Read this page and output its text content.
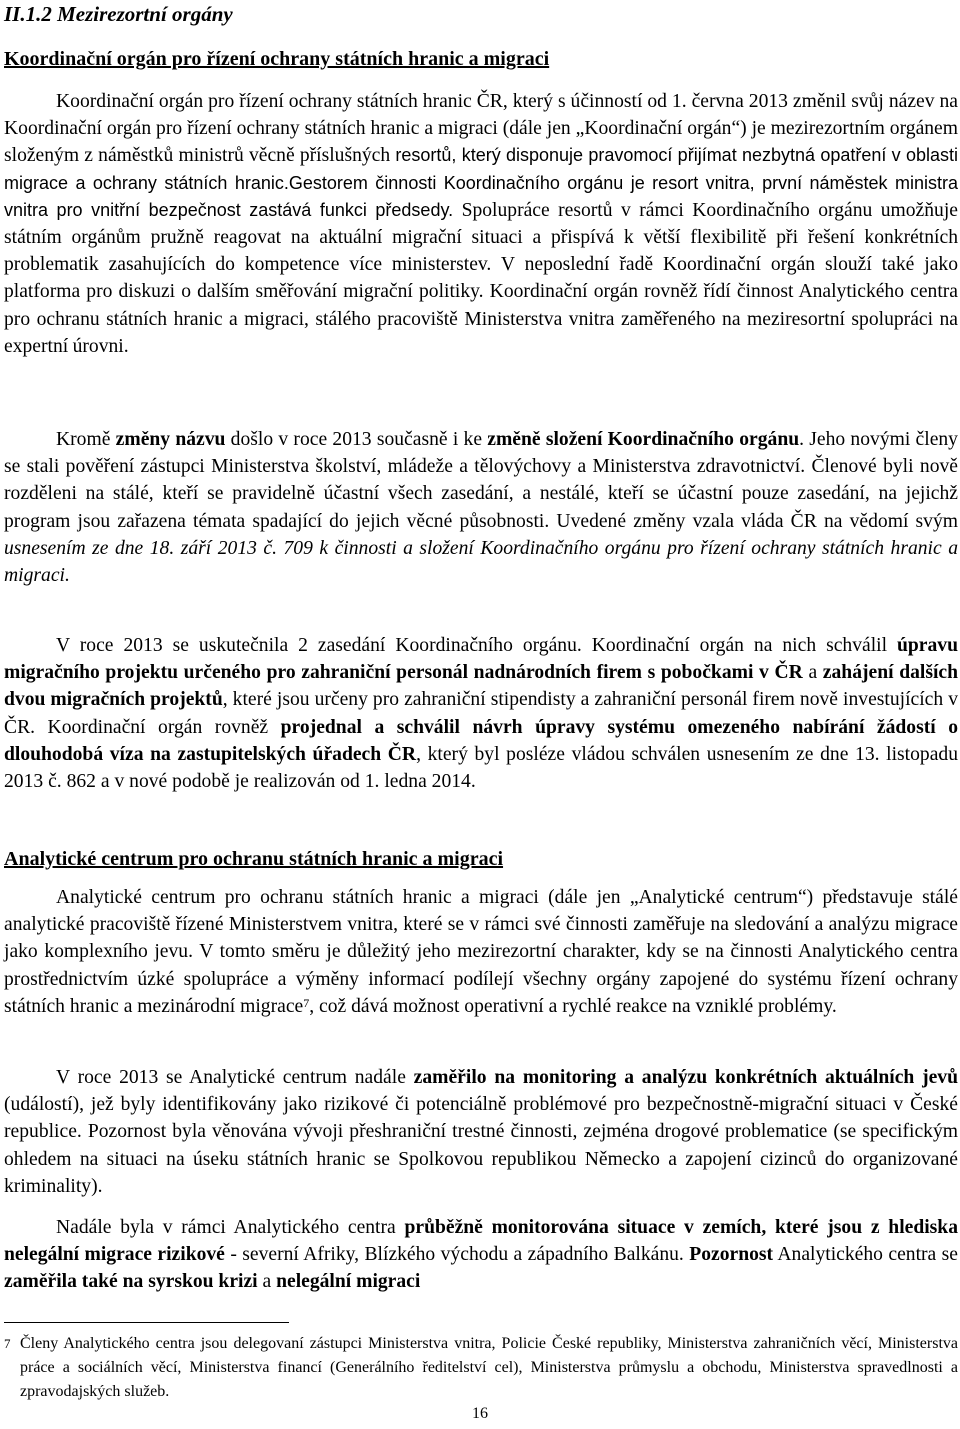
II.1.2 Mezirezortní orgány
Koordinační orgán pro řízení ochrany státních hranic a migraci

Koordinační orgán pro řízení ochrany státních hranic ČR, který s účinností od 1. června 2013 změnil svůj název na Koordinační orgán pro řízení ochrany státních hranic a migraci (dále jen „Koordinační orgán“) je mezirezortním orgánem složeným z náměstků ministrů věcně příslušných resortů, který disponuje pravomocí přijímat nezbytná opatření v oblasti migrace a ochrany státních hranic.Gestorem činnosti Koordinačního orgánu je resort vnitra, první náměstek ministra vnitra pro vnitřní bezpečnost zastává funkci předsedy. Spolupráce resortů v rámci Koordinačního orgánu umožňuje státním orgánům pružně reagovat na aktuální migrační situaci a přispívá k větší flexibilitě při řešení konkrétních problematik zasahujících do kompetence více ministerstev. V neposlední řadě Koordinační orgán slouží také jako platforma pro diskuzi o dalším směřování migrační politiky. Koordinační orgán rovněž řídí činnost Analytického centra pro ochranu státních hranic a migraci, stálého pracoviště Ministerstva vnitra zaměřeného na meziresortní spolupráci na expertní úrovni.

Kromě změny názvu došlo v roce 2013 současně i ke změně složení Koordinačního orgánu. Jeho novými členy se stali pověření zástupci Ministerstva školství, mládeže a tělovýchovy a Ministerstva zdravotnictví. Členové byli nově rozděleni na stálé, kteří se pravidelně účastní všech zasedání, a nestálé, kteří se účastní pouze zasedání, na jejichž program jsou zařazena témata spadající do jejich věcné působnosti. Uvedené změny vzala vláda ČR na vědomí svým usnesením ze dne 18. září 2013 č. 709 k činnosti a složení Koordinačního orgánu pro řízení ochrany státních hranic a migraci.

V roce 2013 se uskutečnila 2 zasedání Koordinačního orgánu. Koordinační orgán na nich schválil úpravu migračního projektu určeného pro zahraniční personál nadnárodních firem s pobočkami v ČR a zahájení dalších dvou migračních projektů, které jsou určeny pro zahraniční stipendisty a zahraniční personál firem nově investujících v ČR. Koordinační orgán rovněž projednal a schválil návrh úpravy systému omezeného nabírání žádostí o dlouhodobá víza na zastupitelských úřadech ČR, který byl posléze vládou schválen usnesením ze dne 13. listopadu 2013 č. 862 a v nové podobě je realizován od 1. ledna 2014.

Analytické centrum pro ochranu státních hranic a migraci

Analytické centrum pro ochranu státních hranic a migraci (dále jen „Analytické centrum“) představuje stálé analytické pracoviště řízené Ministerstvem vnitra, které se v rámci své činnosti zaměřuje na sledování a analýzu migrace jako komplexního jevu. V tomto směru je důležitý jeho mezirezortní charakter, kdy se na činnosti Analytického centra prostřednictvím úzké spolupráce a výměny informací podílejí všechny orgány zapojené do systému řízení ochrany státních hranic a mezinárodní migrace$^7$, což dává možnost operativní a rychlé reakce na vzniklé problémy.

V roce 2013 se Analytické centrum nadále zaměřilo na monitoring a analýzu konkrétních aktuálních jevů (událostí), jež byly identifikovány jako rizikové či potenciálně problémové pro bezpečnostně-migrační situaci v České republice. Pozornost byla věnována vývoji přeshraniční trestné činnosti, zejména drogové problematice (se specifickým ohledem na situaci na úseku státních hranic se Spolkovou republikou Německo a zapojení cizinců do organizované kriminality).

Nadále byla v rámci Analytického centra průběžně monitorována situace v zemích, které jsou z hlediska nelegální migrace rizikové - severní Afriky, Blízkého východu a západního Balkánu. Pozornost Analytického centra se zaměřila také na syrskou krizi a nelegální migraci

7 Členy Analytického centra jsou delegovaní zástupci Ministerstva vnitra, Policie České republiky, Ministerstva zahraničních věcí, Ministerstva práce a sociálních věcí, Ministerstva financí (Generálního ředitelství cel), Ministerstva průmyslu a obchodu, Ministerstva spravedlnosti a zpravodajských služeb.
16
